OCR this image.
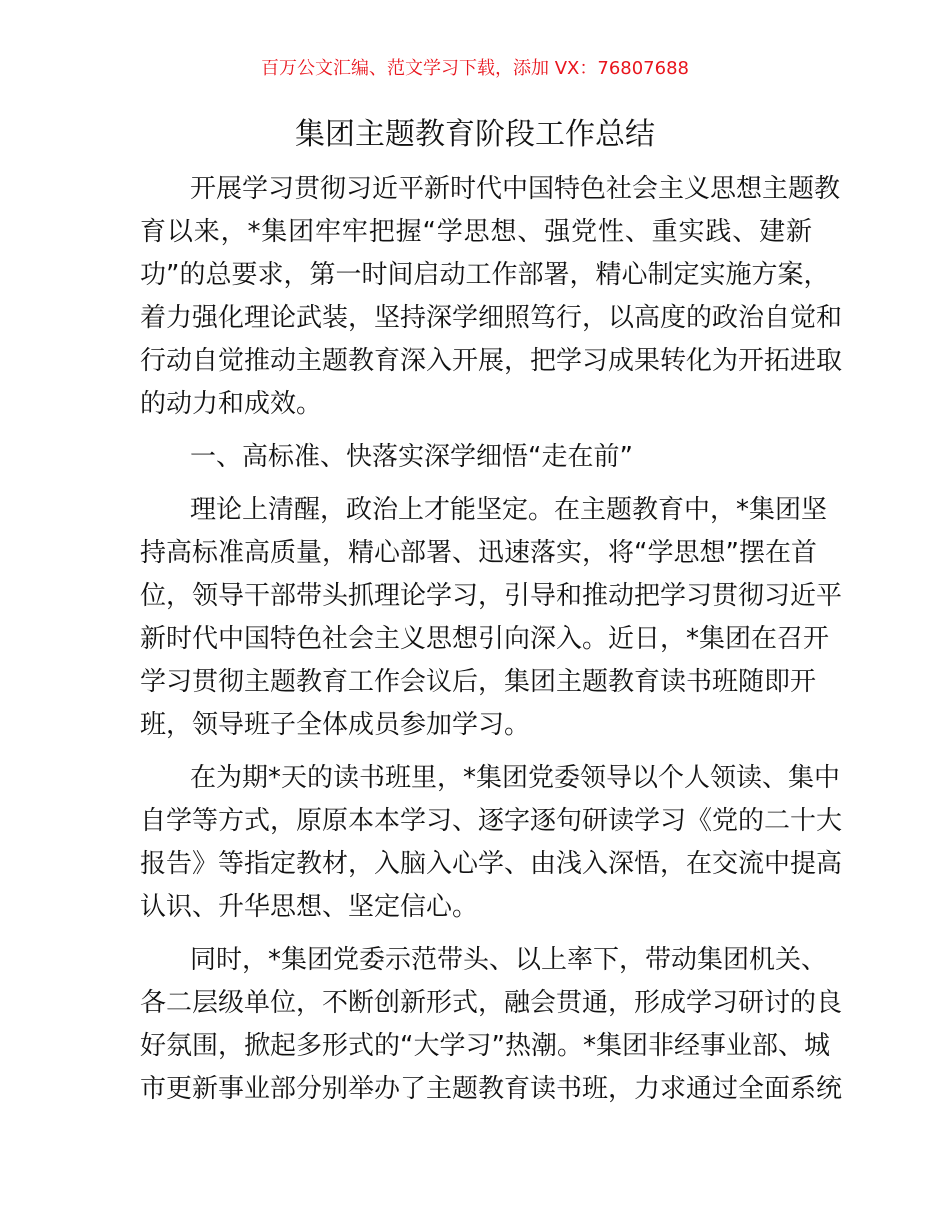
百万公文汇编、范文学习下载，添加 VX：76807688
集团主题教育阶段工作总结
开展学习贯彻习近平新时代中国特色社会主义思想主题教
育以来，*集团牢牢把握“学思想、强党性、重实践、建新
功”的总要求，第一时间启动工作部署，精心制定实施方案，
着力强化理论武装，坚持深学细照笃行，以高度的政治自觉和
行动自觉推动主题教育深入开展，把学习成果转化为开拓进取
的动力和成效。
一、高标准、快落实深学细悟“走在前”
理论上清醒，政治上才能坚定。在主题教育中，*集团坚
持高标准高质量，精心部署、迅速落实，将“学思想”摆在首
位，领导干部带头抓理论学习，引导和推动把学习贯彻习近平
新时代中国特色社会主义思想引向深入。近日，*集团在召开
学习贯彻主题教育工作会议后，集团主题教育读书班随即开
班，领导班子全体成员参加学习。
在为期*天的读书班里，*集团党委领导以个人领读、集中
自学等方式，原原本本学习、逐字逐句研读学习《党的二十大
报告》等指定教材，入脑入心学、由浅入深悟，在交流中提高
认识、升华思想、坚定信心。
同时，*集团党委示范带头、以上率下，带动集团机关、
各二层级单位，不断创新形式，融会贯通，形成学习研讨的良
好氛围，掀起多形式的“大学习”热潮。*集团非经事业部、城
市更新事业部分别举办了主题教育读书班，力求通过全面系统
